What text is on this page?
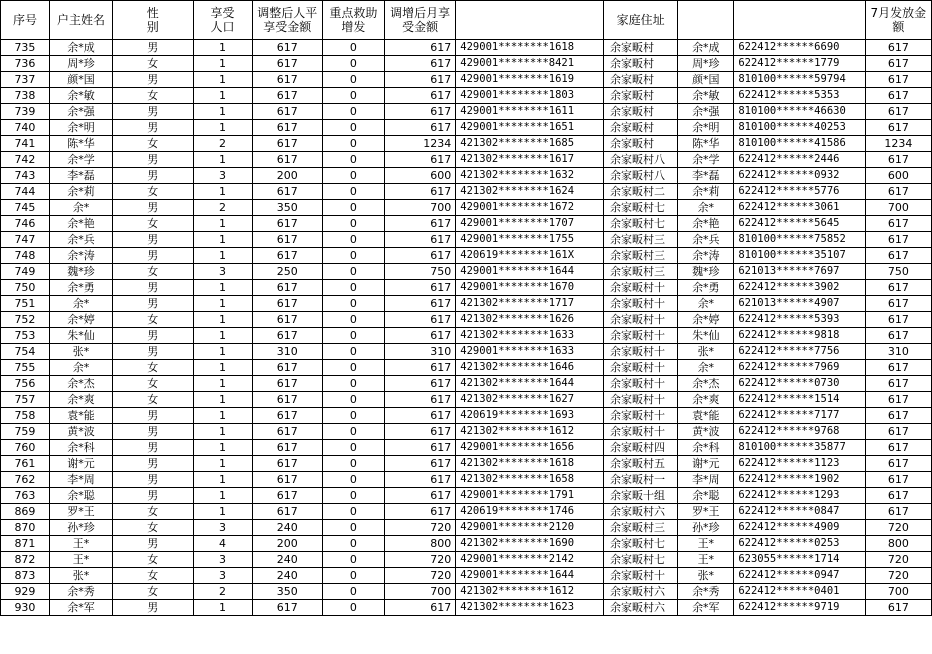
序号	户主姓名	性别	享受人口	调整后人平享受金额	重点救助增发	调增后月享受金额		家庭住址			7月发放金额
735	余*成	男	1	617	0	617	429001********1618	余家畈村	余*成	622412******6690	617
736	周*珍	女	1	617	0	617	429001********8421	余家畈村	周*珍	622412******1779	617
737	颜*国	男	1	617	0	617	429001********1619	余家畈村	颜*国	810100******59794	617
738	余*敏	女	1	617	0	617	429001********1803	余家畈村	余*敏	622412******5353	617
739	余*强	男	1	617	0	617	429001********1611	余家畈村	余*强	810100******46630	617
740	余*明	男	1	617	0	617	429001********1651	余家畈村	余*明	810100******40253	617
741	陈*华	女	2	617	0	1234	421302********1685	余家畈村	陈*华	810100******41586	1234
742	余*学	男	1	617	0	617	421302********1617	余家畈村八	余*学	622412******2446	617
743	李*磊	男	3	200	0	600	421302********1632	余家畈村八	李*磊	622412******0932	600
744	余*莉	女	1	617	0	617	421302********1624	余家畈村二	余*莉	622412******5776	617
745	余*	男	2	350	0	700	429001********1672	余家畈村七	余*	622412******3061	700
746	余*艳	女	1	617	0	617	429001********1707	余家畈村七	余*艳	622412******5645	617
747	余*兵	男	1	617	0	617	429001********1755	余家畈村三	余*兵	810100******75852	617
748	余*涛	男	1	617	0	617	420619********161X	余家畈村三	余*涛	810100******35107	617
749	魏*珍	女	3	250	0	750	429001********1644	余家畈村三	魏*珍	621013******7697	750
750	余*勇	男	1	617	0	617	429001********1670	余家畈村十	余*勇	622412******3902	617
751	余*	男	1	617	0	617	421302********1717	余家畈村十	余*	621013******4907	617
752	余*婷	女	1	617	0	617	421302********1626	余家畈村十	余*婷	622412******5393	617
753	朱*仙	男	1	617	0	617	421302********1633	余家畈村十	朱*仙	622412******9818	617
754	张*	男	1	310	0	310	429001********1633	余家畈村十	张*	622412******7756	310
755	余*	女	1	617	0	617	421302********1646	余家畈村十	余*	622412******7969	617
756	余*杰	女	1	617	0	617	421302********1644	余家畈村十	余*杰	622412******0730	617
757	余*爽	女	1	617	0	617	421302********1627	余家畈村十	余*爽	622412******1514	617
758	袁*能	男	1	617	0	617	420619********1693	余家畈村十	袁*能	622412******7177	617
759	黄*波	男	1	617	0	617	421302********1612	余家畈村十	黄*波	622412******9768	617
760	余*科	男	1	617	0	617	429001********1656	余家畈村四	余*科	810100******35877	617
761	谢*元	男	1	617	0	617	421302********1618	余家畈村五	谢*元	622412******1123	617
762	李*周	男	1	617	0	617	421302********1658	余家畈村一	李*周	622412******1902	617
763	余*聪	男	1	617	0	617	429001********1791	余家畈十组	余*聪	622412******1293	617
869	罗*王	女	1	617	0	617	420619********1746	余家畈村六	罗*王	622412******0847	617
870	孙*珍	女	3	240	0	720	429001********2120	余家畈村三	孙*珍	622412******4909	720
871	王*	男	4	200	0	800	421302********1690	余家畈村七	王*	622412******0253	800
872	王*	女	3	240	0	720	429001********2142	余家畈村七	王*	623055******1714	720
873	张*	女	3	240	0	720	429001********1644	余家畈村十	张*	622412******0947	720
929	余*秀	女	2	350	0	700	421302********1612	余家畈村六	余*秀	622412******0401	700
930	余*军	男	1	617	0	617	421302********1623	余家畈村六	余*军	622412******9719	617
